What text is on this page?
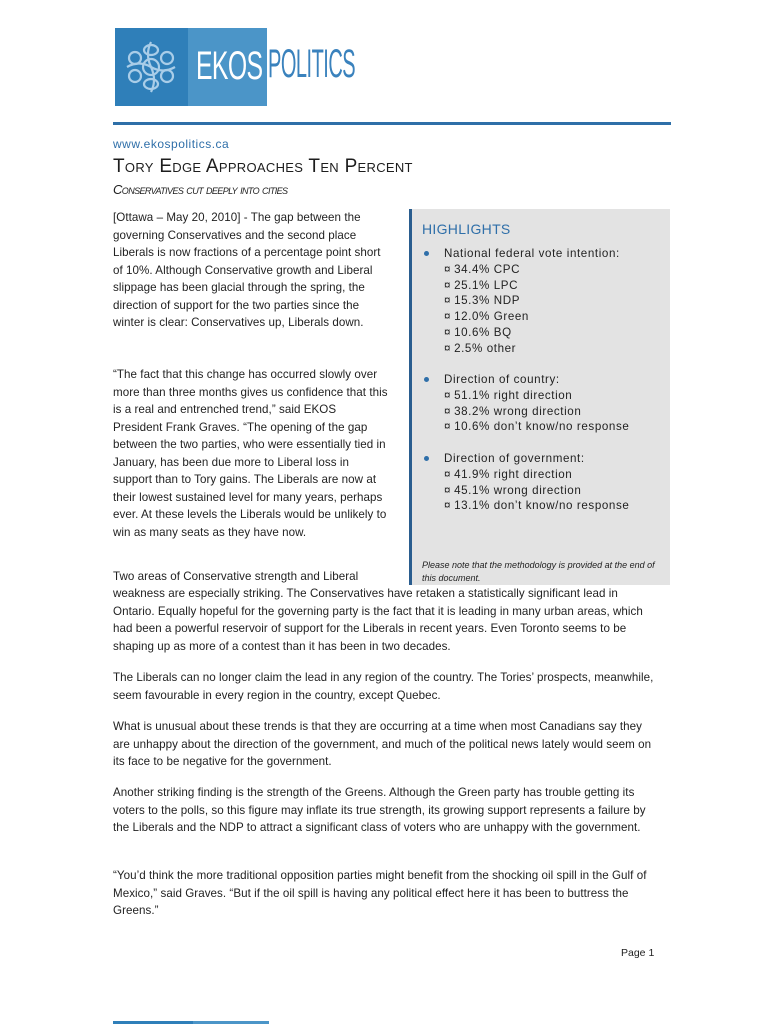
EKOS POLITICS
www.ekospolitics.ca
Tory Edge Approaches Ten Percent
Conservatives cut deeply into cities

[Ottawa – May 20, 2010] - The gap between the governing Conservatives and the second place Liberals is now fractions of a percentage point short of 10%. Although Conservative growth and Liberal slippage has been glacial through the spring, the direction of support for the two parties since the winter is clear: Conservatives up, Liberals down.

“The fact that this change has occurred slowly over more than three months gives us confidence that this is a real and entrenched trend,” said EKOS President Frank Graves. “The opening of the gap between the two parties, who were essentially tied in January, has been due more to Liberal loss in support than to Tory gains. The Liberals are now at their lowest sustained level for many years, perhaps ever. At these levels the Liberals would be unlikely to win as many seats as they have now.

Two areas of Conservative strength and Liberal

weakness are especially striking. The Conservatives have retaken a statistically significant lead in Ontario. Equally hopeful for the governing party is the fact that it is leading in many urban areas, which had been a powerful reservoir of support for the Liberals in recent years. Even Toronto seems to be shaping up as more of a contest than it has been in two decades.

The Liberals can no longer claim the lead in any region of the country. The Tories’ prospects, meanwhile, seem favourable in every region in the country, except Quebec.

What is unusual about these trends is that they are occurring at a time when most Canadians say they are unhappy about the direction of the government, and much of the political news lately would seem on its face to be negative for the government.

Another striking finding is the strength of the Greens. Although the Green party has trouble getting its voters to the polls, so this figure may inflate its true strength, its growing support represents a failure by the Liberals and the NDP to attract a significant class of voters who are unhappy with the government.

“You’d think the more traditional opposition parties might benefit from the shocking oil spill in the Gulf of Mexico,” said Graves. “But if the oil spill is having any political effect here it has been to buttress the Greens.”

HIGHLIGHTS
National federal vote intention:
¤ 34.4% CPC
¤ 25.1% LPC
¤ 15.3% NDP
¤ 12.0% Green
¤ 10.6% BQ
¤ 2.5% other
Direction of country:
¤ 51.1% right direction
¤ 38.2% wrong direction
¤ 10.6% don’t know/no response
Direction of government:
¤ 41.9% right direction
¤ 45.1% wrong direction
¤ 13.1% don’t know/no response
Please note that the methodology is provided at the end of this document.
Page 1
